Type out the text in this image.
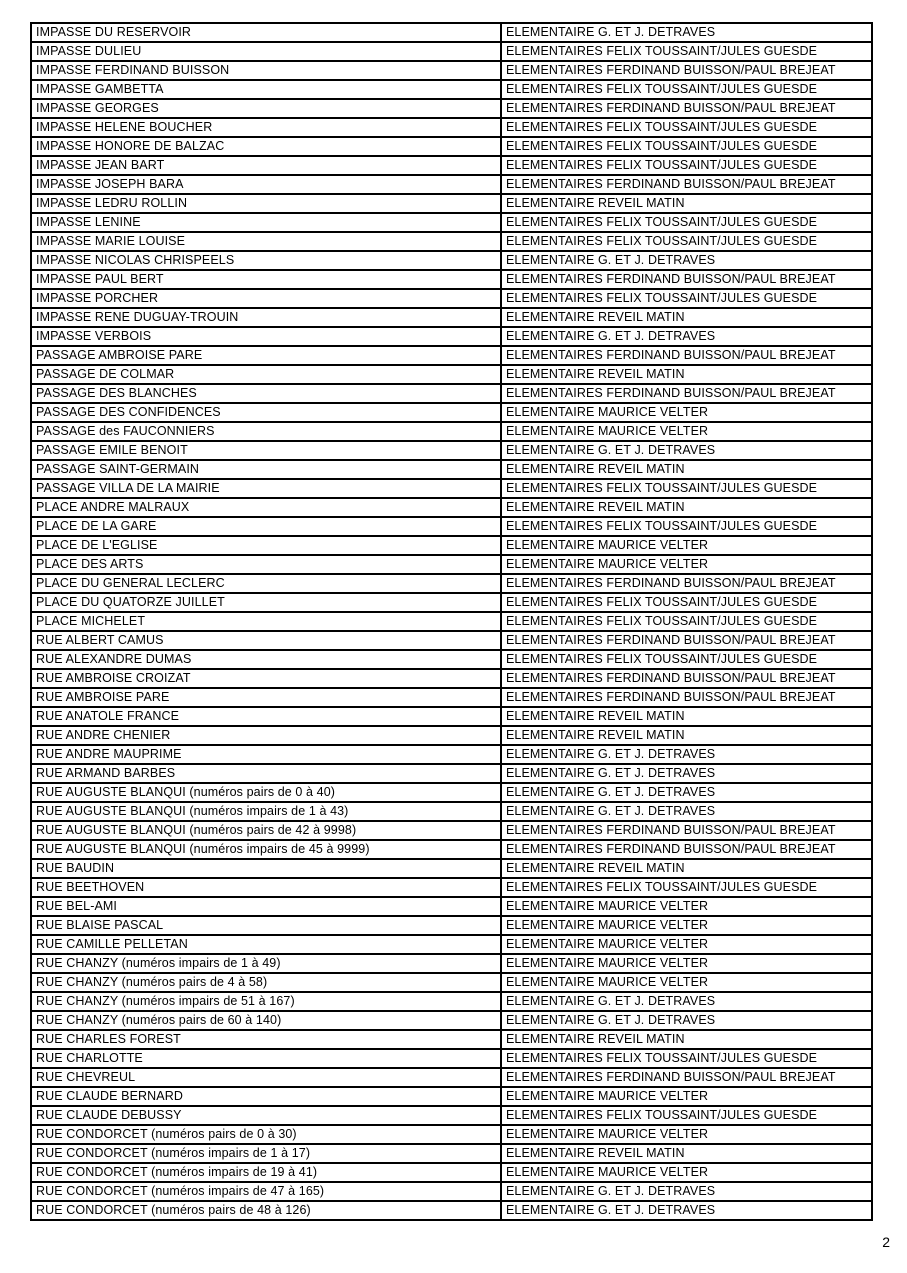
IMPASSE DU RESERVOIR	ELEMENTAIRE G. ET J. DETRAVES
IMPASSE DULIEU	ELEMENTAIRES FELIX TOUSSAINT/JULES GUESDE
IMPASSE FERDINAND BUISSON	ELEMENTAIRES FERDINAND BUISSON/PAUL BREJEAT
IMPASSE GAMBETTA	ELEMENTAIRES FELIX TOUSSAINT/JULES GUESDE
IMPASSE GEORGES	ELEMENTAIRES FERDINAND BUISSON/PAUL BREJEAT
IMPASSE HELENE BOUCHER	ELEMENTAIRES FELIX TOUSSAINT/JULES GUESDE
IMPASSE HONORE DE BALZAC	ELEMENTAIRES FELIX TOUSSAINT/JULES GUESDE
IMPASSE JEAN BART	ELEMENTAIRES FELIX TOUSSAINT/JULES GUESDE
IMPASSE JOSEPH BARA	ELEMENTAIRES FERDINAND BUISSON/PAUL BREJEAT
IMPASSE LEDRU ROLLIN	ELEMENTAIRE REVEIL MATIN
IMPASSE LENINE	ELEMENTAIRES FELIX TOUSSAINT/JULES GUESDE
IMPASSE MARIE LOUISE	ELEMENTAIRES FELIX TOUSSAINT/JULES GUESDE
IMPASSE NICOLAS CHRISPEELS	ELEMENTAIRE G. ET J. DETRAVES
IMPASSE PAUL BERT	ELEMENTAIRES FERDINAND BUISSON/PAUL BREJEAT
IMPASSE PORCHER	ELEMENTAIRES FELIX TOUSSAINT/JULES GUESDE
IMPASSE RENE DUGUAY-TROUIN	ELEMENTAIRE REVEIL MATIN
IMPASSE VERBOIS	ELEMENTAIRE G. ET J. DETRAVES
PASSAGE AMBROISE PARE	ELEMENTAIRES FERDINAND BUISSON/PAUL BREJEAT
PASSAGE DE COLMAR	ELEMENTAIRE REVEIL MATIN
PASSAGE DES BLANCHES	ELEMENTAIRES FERDINAND BUISSON/PAUL BREJEAT
PASSAGE DES CONFIDENCES	ELEMENTAIRE MAURICE VELTER
PASSAGE des FAUCONNIERS	ELEMENTAIRE MAURICE VELTER
PASSAGE EMILE BENOIT	ELEMENTAIRE G. ET J. DETRAVES
PASSAGE SAINT-GERMAIN	ELEMENTAIRE REVEIL MATIN
PASSAGE VILLA DE LA MAIRIE	ELEMENTAIRES FELIX TOUSSAINT/JULES GUESDE
PLACE ANDRE MALRAUX	ELEMENTAIRE REVEIL MATIN
PLACE DE LA GARE	ELEMENTAIRES FELIX TOUSSAINT/JULES GUESDE
PLACE DE L'EGLISE	ELEMENTAIRE MAURICE VELTER
PLACE DES ARTS	ELEMENTAIRE MAURICE VELTER
PLACE DU GENERAL LECLERC	ELEMENTAIRES FERDINAND BUISSON/PAUL BREJEAT
PLACE DU QUATORZE JUILLET	ELEMENTAIRES FELIX TOUSSAINT/JULES GUESDE
PLACE MICHELET	ELEMENTAIRES FELIX TOUSSAINT/JULES GUESDE
RUE ALBERT CAMUS	ELEMENTAIRES FERDINAND BUISSON/PAUL BREJEAT
RUE ALEXANDRE DUMAS	ELEMENTAIRES FELIX TOUSSAINT/JULES GUESDE
RUE AMBROISE CROIZAT	ELEMENTAIRES FERDINAND BUISSON/PAUL BREJEAT
RUE AMBROISE PARE	ELEMENTAIRES FERDINAND BUISSON/PAUL BREJEAT
RUE ANATOLE FRANCE	ELEMENTAIRE REVEIL MATIN
RUE ANDRE CHENIER	ELEMENTAIRE REVEIL MATIN
RUE ANDRE MAUPRIME	ELEMENTAIRE G. ET J. DETRAVES
RUE ARMAND BARBES	ELEMENTAIRE G. ET J. DETRAVES
RUE AUGUSTE BLANQUI (numéros pairs de 0 à 40)	ELEMENTAIRE G. ET J. DETRAVES
RUE AUGUSTE BLANQUI (numéros impairs de 1 à 43)	ELEMENTAIRE G. ET J. DETRAVES
RUE AUGUSTE BLANQUI (numéros pairs de 42 à 9998)	ELEMENTAIRES FERDINAND BUISSON/PAUL BREJEAT
RUE AUGUSTE BLANQUI (numéros impairs de 45 à 9999)	ELEMENTAIRES FERDINAND BUISSON/PAUL BREJEAT
RUE BAUDIN	ELEMENTAIRE REVEIL MATIN
RUE BEETHOVEN	ELEMENTAIRES FELIX TOUSSAINT/JULES GUESDE
RUE BEL-AMI	ELEMENTAIRE MAURICE VELTER
RUE BLAISE PASCAL	ELEMENTAIRE MAURICE VELTER
RUE CAMILLE PELLETAN	ELEMENTAIRE MAURICE VELTER
RUE CHANZY (numéros impairs de 1 à 49)	ELEMENTAIRE MAURICE VELTER
RUE CHANZY (numéros pairs de 4 à 58)	ELEMENTAIRE MAURICE VELTER
RUE CHANZY (numéros impairs de 51 à 167)	ELEMENTAIRE G. ET J. DETRAVES
RUE CHANZY (numéros pairs de 60 à 140)	ELEMENTAIRE G. ET J. DETRAVES
RUE CHARLES FOREST	ELEMENTAIRE REVEIL MATIN
RUE CHARLOTTE	ELEMENTAIRES FELIX TOUSSAINT/JULES GUESDE
RUE CHEVREUL	ELEMENTAIRES FERDINAND BUISSON/PAUL BREJEAT
RUE CLAUDE BERNARD	ELEMENTAIRE MAURICE VELTER
RUE CLAUDE DEBUSSY	ELEMENTAIRES FELIX TOUSSAINT/JULES GUESDE
RUE CONDORCET (numéros pairs de 0 à 30)	ELEMENTAIRE MAURICE VELTER
RUE CONDORCET (numéros impairs de 1 à 17)	ELEMENTAIRE REVEIL MATIN
RUE CONDORCET (numéros impairs de 19 à 41)	ELEMENTAIRE MAURICE VELTER
RUE CONDORCET (numéros impairs de 47 à 165)	ELEMENTAIRE G. ET J. DETRAVES
RUE CONDORCET (numéros pairs de 48 à 126)	ELEMENTAIRE G. ET J. DETRAVES
2
